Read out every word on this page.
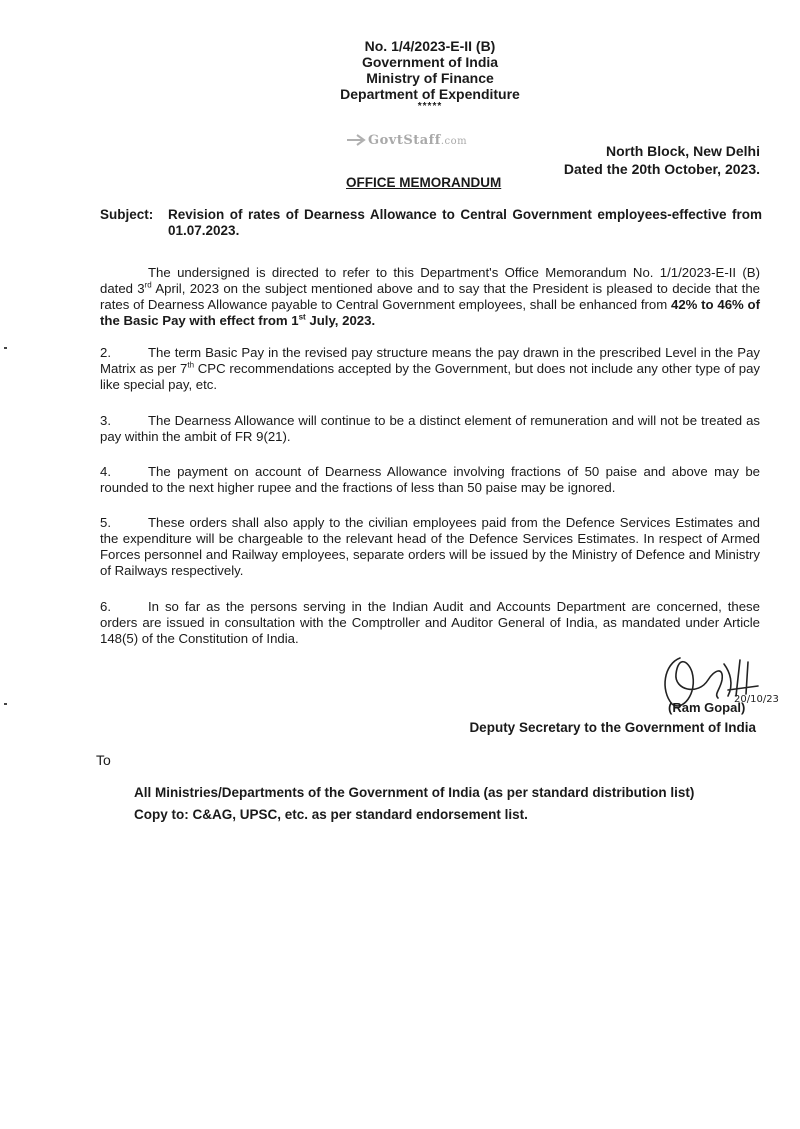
No. 1/4/2023-E-II (B)
Government of India
Ministry of Finance
Department of Expenditure
*****
GovtStaff.com
North Block, New Delhi
Dated the 20th October, 2023.
OFFICE MEMORANDUM
Subject: Revision of rates of Dearness Allowance to Central Government employees-effective from 01.07.2023.
The undersigned is directed to refer to this Department's Office Memorandum No. 1/1/2023-E-II (B) dated 3rd April, 2023 on the subject mentioned above and to say that the President is pleased to decide that the rates of Dearness Allowance payable to Central Government employees, shall be enhanced from 42% to 46% of the Basic Pay with effect from 1st July, 2023.
2.	The term Basic Pay in the revised pay structure means the pay drawn in the prescribed Level in the Pay Matrix as per 7th CPC recommendations accepted by the Government, but does not include any other type of pay like special pay, etc.
3.	The Dearness Allowance will continue to be a distinct element of remuneration and will not be treated as pay within the ambit of FR 9(21).
4.	The payment on account of Dearness Allowance involving fractions of 50 paise and above may be rounded to the next higher rupee and the fractions of less than 50 paise may be ignored.
5.	These orders shall also apply to the civilian employees paid from the Defence Services Estimates and the expenditure will be chargeable to the relevant head of the Defence Services Estimates. In respect of Armed Forces personnel and Railway employees, separate orders will be issued by the Ministry of Defence and Ministry of Railways respectively.
6.	In so far as the persons serving in the Indian Audit and Accounts Department are concerned, these orders are issued in consultation with the Comptroller and Auditor General of India, as mandated under Article 148(5) of the Constitution of India.
20/10/23
(Ram Gopal)
Deputy Secretary to the Government of India
To
All Ministries/Departments of the Government of India (as per standard distribution list)
Copy to: C&AG, UPSC, etc. as per standard endorsement list.
